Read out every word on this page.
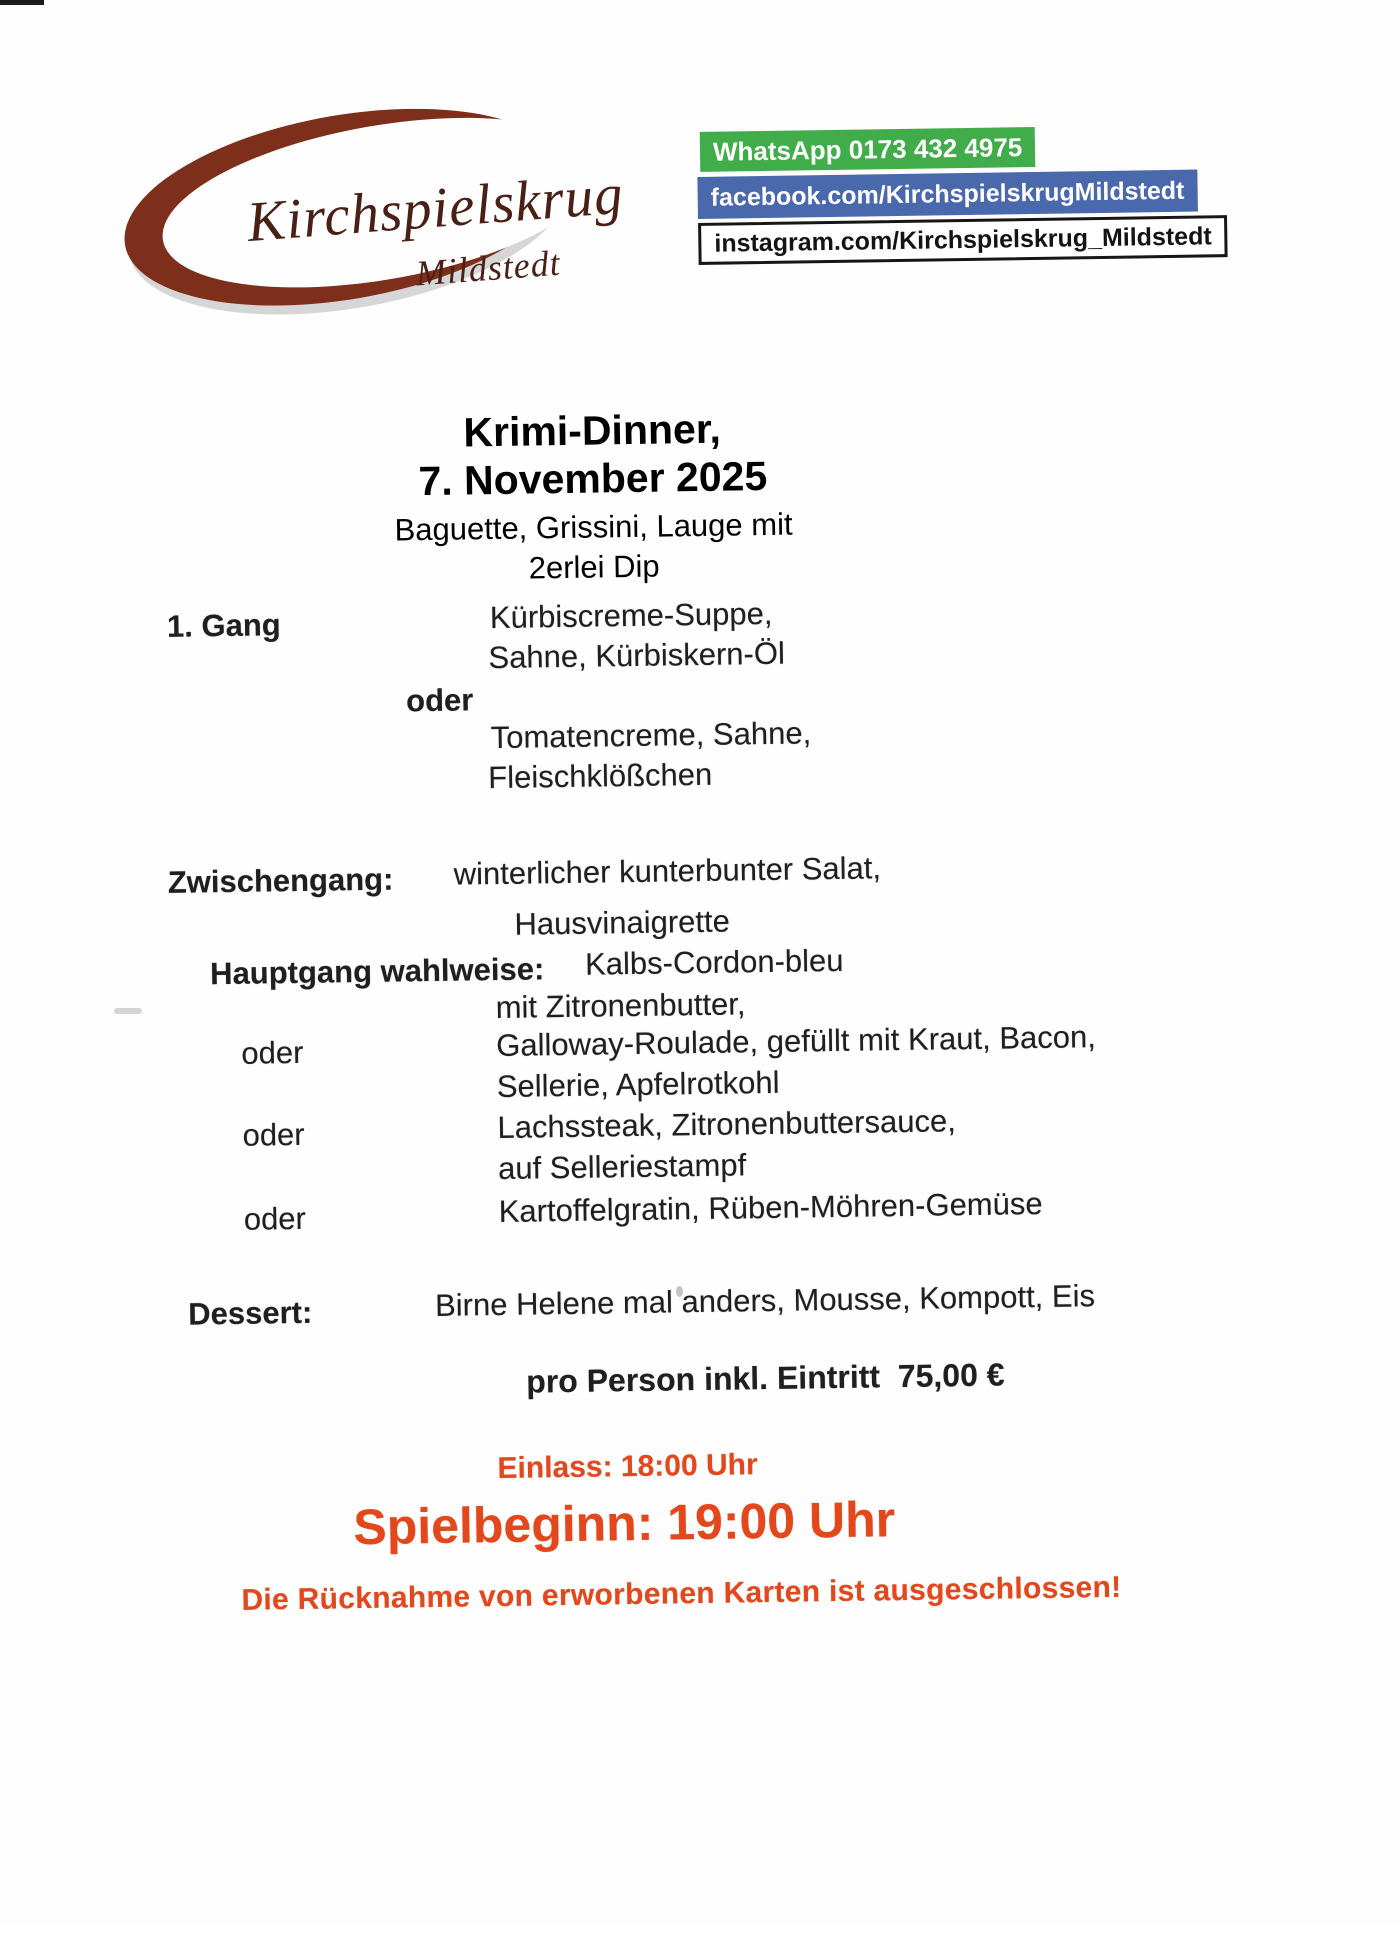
Kirchspielskrug
Mildstedt
WhatsApp 0173 432 4975
facebook.com/KirchspielskrugMildstedt
instagram.com/Kirchspielskrug_Mildstedt
Krimi-Dinner,
7. November 2025
Baguette, Grissini, Lauge mit
2erlei Dip
1. Gang	Kürbiscreme-Suppe,
Sahne, Kürbiskern-Öl
oder
Tomatencreme, Sahne,
Fleischklößchen
Zwischengang: winterlicher kunterbunter Salat,
Hausvinaigrette
Hauptgang wahlweise: Kalbs-Cordon-bleu
mit Zitronenbutter,
oder	Galloway-Roulade, gefüllt mit Kraut, Bacon,
Sellerie, Apfelrotkohl
oder	Lachssteak, Zitronenbuttersauce,
auf Selleriestampf
oder	Kartoffelgratin, Rüben-Möhren-Gemüse
Dessert:	Birne Helene mal anders, Mousse, Kompott, Eis
pro Person inkl. Eintritt  75,00 €
Einlass: 18:00 Uhr
Spielbeginn: 19:00 Uhr
Die Rücknahme von erworbenen Karten ist ausgeschlossen!
